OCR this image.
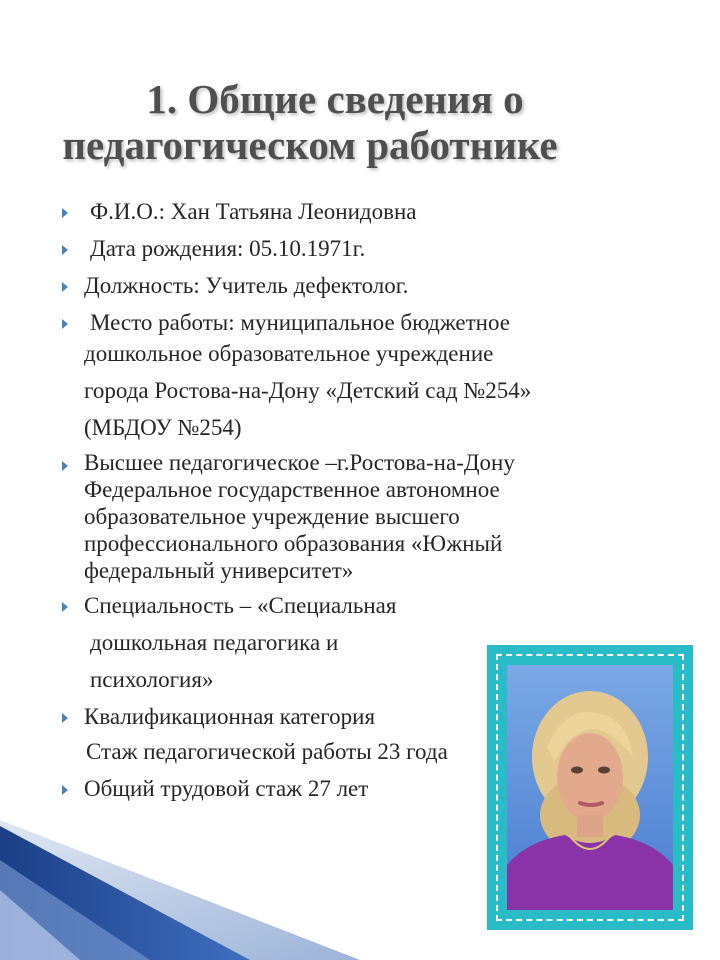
1. Общие сведения о
педагогическом работнике
Ф.И.О.: Хан Татьяна Леонидовна
Дата рождения: 05.10.1971г.
Должность: Учитель дефектолог.
Место работы: муниципальное бюджетное
дошкольное образовательное учреждение
города Ростова-на-Дону «Детский сад №254»
(МБДОУ №254)
Высшее педагогическое –г.Ростова-на-Дону
Федеральное государственное автономное
образовательное учреждение высшего
профессионального образования «Южный
федеральный университет»
Специальность – «Специальная
дошкольная педагогика и
психология»
Квалификационная категория
Стаж педагогической работы 23 года
Общий трудовой стаж 27 лет
